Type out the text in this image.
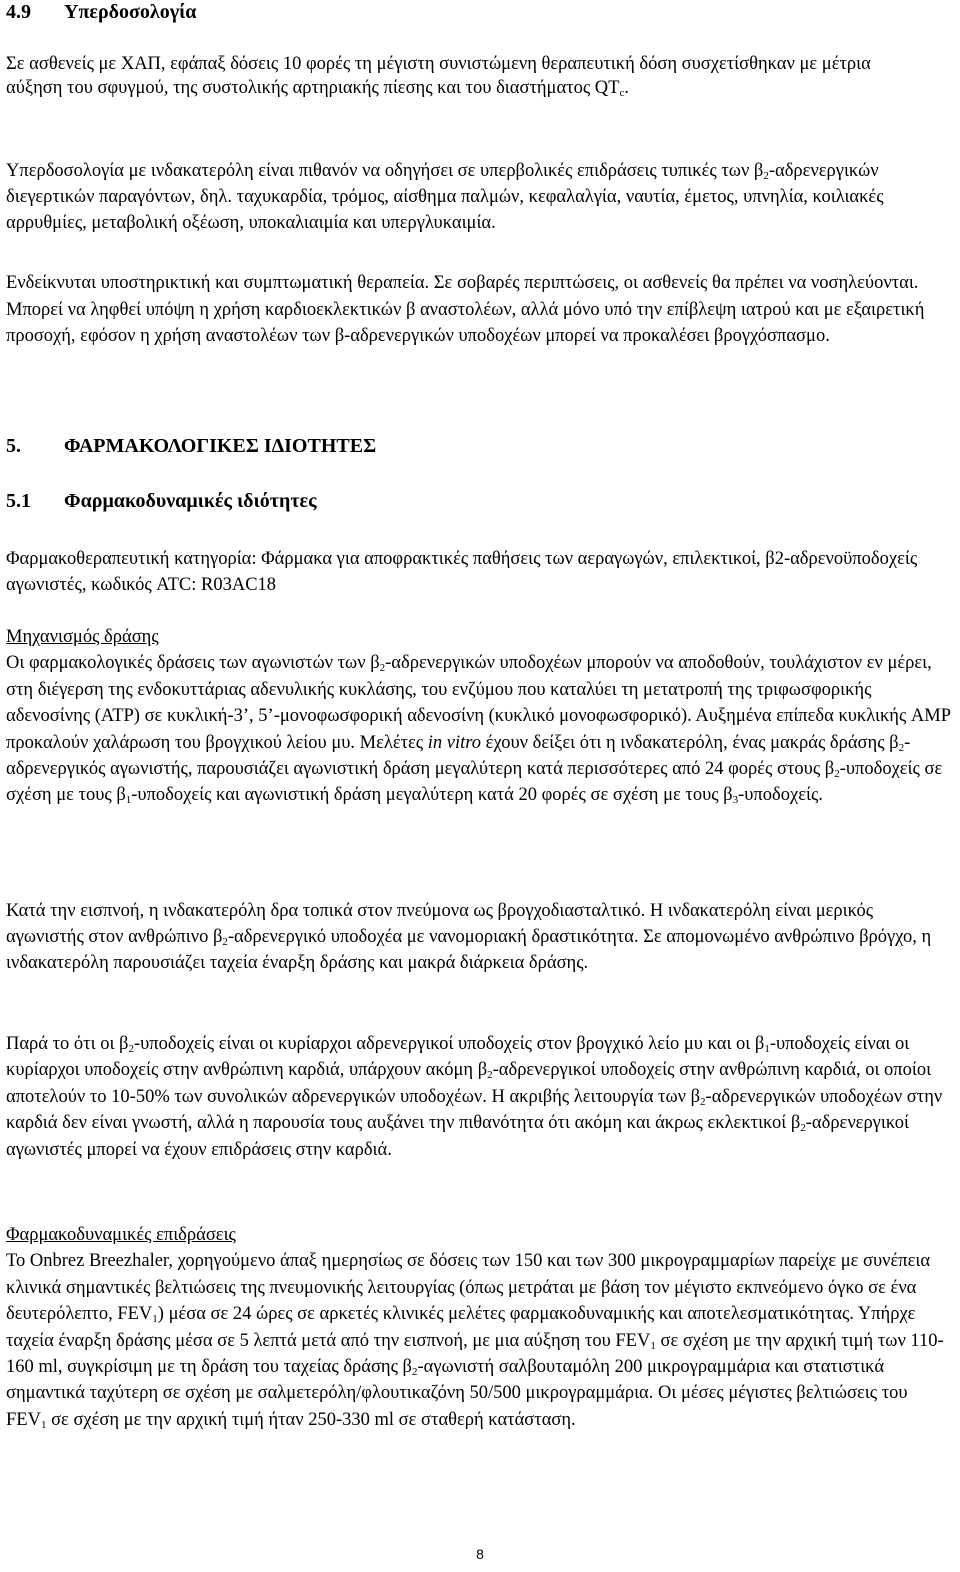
4.9 Υπερδοσολογία

Σε ασθενείς με ΧΑΠ, εφάπαξ δόσεις 10 φορές τη μέγιστη συνιστώμενη θεραπευτική δόση συσχετίσθηκαν με μέτρια αύξηση του σφυγμού, της συστολικής αρτηριακής πίεσης και του διαστήματος $QT_c$.

Υπερδοσολογία με ινδακατερόλη είναι πιθανόν να οδηγήσει σε υπερβολικές επιδράσεις τυπικές των $\beta_2$-αδρενεργικών διεγερτικών παραγόντων, δηλ. ταχυκαρδία, τρόμος, αίσθημα παλμών, κεφαλαλγία, ναυτία, έμετος, υπνηλία, κοιλιακές αρρυθμίες, μεταβολική οξέωση, υποκαλιαιμία και υπεργλυκαιμία.

Ενδείκνυται υποστηρικτική και συμπτωματική θεραπεία. Σε σοβαρές περιπτώσεις, οι ασθενείς θα πρέπει να νοσηλεύονται. Μπορεί να ληφθεί υπόψη η χρήση καρδιοεκλεκτικών β αναστολέων, αλλά μόνο υπό την επίβλεψη ιατρού και με εξαιρετική προσοχή, εφόσον η χρήση αναστολέων των β-αδρενεργικών υποδοχέων μπορεί να προκαλέσει βρογχόσπασμο.

5. ΦΑΡΜΑΚΟΛΟΓΙΚΕΣ ΙΔΙΟΤΗΤΕΣ
5.1 Φαρμακοδυναμικές ιδιότητες

Φαρμακοθεραπευτική κατηγορία: Φάρμακα για αποφρακτικές παθήσεις των αεραγωγών, επιλεκτικοί, β2-αδρενοϋποδοχείς αγωνιστές, κωδικός ATC: R03AC18

Μηχανισμός δράσης
Οι φαρμακολογικές δράσεις των αγωνιστών των $\beta_2$-αδρενεργικών υποδοχέων μπορούν να αποδοθούν, τουλάχιστον εν μέρει, στη διέγερση της ενδοκυττάριας αδενυλικής κυκλάσης, του ενζύμου που καταλύει τη μετατροπή της τριφωσφορικής αδενοσίνης (ATP) σε κυκλική-3’, 5’-μονοφωσφορική αδενοσίνη (κυκλικό μονοφωσφορικό). Αυξημένα επίπεδα κυκλικής AMP προκαλούν χαλάρωση του βρογχικού λείου μυ. Μελέτες in vitro έχουν δείξει ότι η ινδακατερόλη, ένας μακράς δράσης $\beta_2$-αδρενεργικός αγωνιστής, παρουσιάζει αγωνιστική δράση μεγαλύτερη κατά περισσότερες από 24 φορές στους $\beta_2$-υποδοχείς σε σχέση με τους $\beta_1$-υποδοχείς και αγωνιστική δράση μεγαλύτερη κατά 20 φορές σε σχέση με τους $\beta_3$-υποδοχείς.

Κατά την εισπνοή, η ινδακατερόλη δρα τοπικά στον πνεύμονα ως βρογχοδιασταλτικό. Η ινδακατερόλη είναι μερικός αγωνιστής στον ανθρώπινο $\beta_2$-αδρενεργικό υποδοχέα με νανομοριακή δραστικότητα. Σε απομονωμένο ανθρώπινο βρόγχο, η ινδακατερόλη παρουσιάζει ταχεία έναρξη δράσης και μακρά διάρκεια δράσης.

Παρά το ότι οι $\beta_2$-υποδοχείς είναι οι κυρίαρχοι αδρενεργικοί υποδοχείς στον βρογχικό λείο μυ και οι $\beta_1$-υποδοχείς είναι οι κυρίαρχοι υποδοχείς στην ανθρώπινη καρδιά, υπάρχουν ακόμη $\beta_2$-αδρενεργικοί υποδοχείς στην ανθρώπινη καρδιά, οι οποίοι αποτελούν το 10-50% των συνολικών αδρενεργικών υποδοχέων. Η ακριβής λειτουργία των $\beta_2$-αδρενεργικών υποδοχέων στην καρδιά δεν είναι γνωστή, αλλά η παρουσία τους αυξάνει την πιθανότητα ότι ακόμη και άκρως εκλεκτικοί $\beta_2$-αδρενεργικοί αγωνιστές μπορεί να έχουν επιδράσεις στην καρδιά.

Φαρμακοδυναμικές επιδράσεις
Το Onbrez Breezhaler, χορηγούμενο άπαξ ημερησίως σε δόσεις των 150 και των 300 μικρογραμμαρίων παρείχε με συνέπεια κλινικά σημαντικές βελτιώσεις της πνευμονικής λειτουργίας (όπως μετράται με βάση τον μέγιστο εκπνεόμενο όγκο σε ένα δευτερόλεπτο, $FEV_1$) μέσα σε 24 ώρες σε αρκετές κλινικές μελέτες φαρμακοδυναμικής και αποτελεσματικότητας. Υπήρχε ταχεία έναρξη δράσης μέσα σε 5 λεπτά μετά από την εισπνοή, με μια αύξηση του $FEV_1$ σε σχέση με την αρχική τιμή των 110-160 ml, συγκρίσιμη με τη δράση του ταχείας δράσης $\beta_2$-αγωνιστή σαλβουταμόλη 200 μικρογραμμάρια και στατιστικά σημαντικά ταχύτερη σε σχέση με σαλμετερόλη/φλουτικαζόνη 50/500 μικρογραμμάρια. Οι μέσες μέγιστες βελτιώσεις του $FEV_1$ σε σχέση με την αρχική τιμή ήταν 250-330 ml σε σταθερή κατάσταση.

8
